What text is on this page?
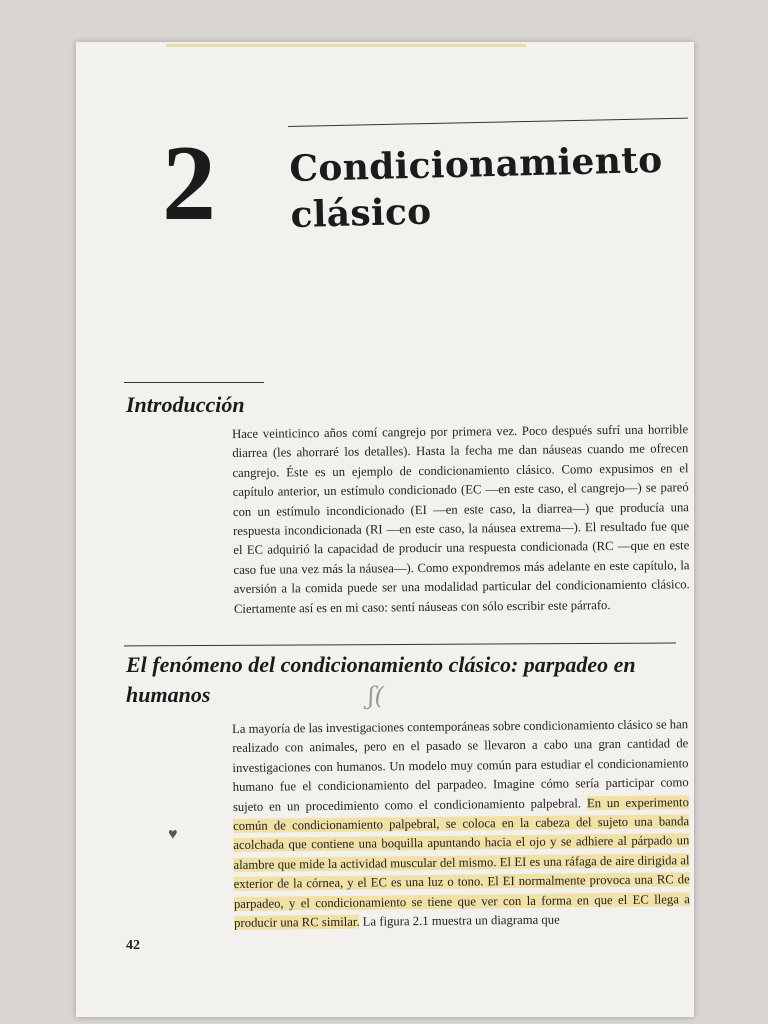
2 Condicionamiento
clásico
Introducción
Hace veinticinco años comí cangrejo por primera vez. Poco después sufrí una horrible diarrea (les ahorraré los detalles). Hasta la fecha me dan náuseas cuando me ofrecen cangrejo. Éste es un ejemplo de condicionamiento clásico. Como expusimos en el capítulo anterior, un estímulo condicionado (EC —en este caso, el cangrejo—) se pareó con un estímulo incondicionado (EI —en este caso, la diarrea—) que producía una respuesta incondicionada (RI —en este caso, la náusea extrema—). El resultado fue que el EC adquirió la capacidad de producir una respuesta condicionada (RC —que en este caso fue una vez más la náusea—). Como expondremos más adelante en este capítulo, la aversión a la comida puede ser una modalidad particular del condicionamiento clásico. Ciertamente así es en mi caso: sentí náuseas con sólo escribir este párrafo.
El fenómeno del condicionamiento clásico: parpadeo en humanos	ʃ(
La mayoría de las investigaciones contemporáneas sobre condicionamiento clásico se han realizado con animales, pero en el pasado se llevaron a cabo una gran cantidad de investigaciones con humanos. Un modelo muy común para estudiar el condicionamiento humano fue el condicionamiento del parpadeo. Imagine cómo sería participar como sujeto en un procedimiento como el condicionamiento palpebral. En un experimento común de condicionamiento palpebral, se coloca en la cabeza del sujeto una banda acolchada que contiene una boquilla apuntando hacia el ojo y se adhiere al párpado un alambre que mide la actividad muscular del mismo. El EI es una ráfaga de aire dirigida al exterior de la córnea, y el EC es una luz o tono. El EI normalmente provoca una RC de parpadeo, y el condicionamiento se tiene que ver con la forma en que el EC llega a producir una RC similar. La figura 2.1 muestra un diagrama que
♥
42
